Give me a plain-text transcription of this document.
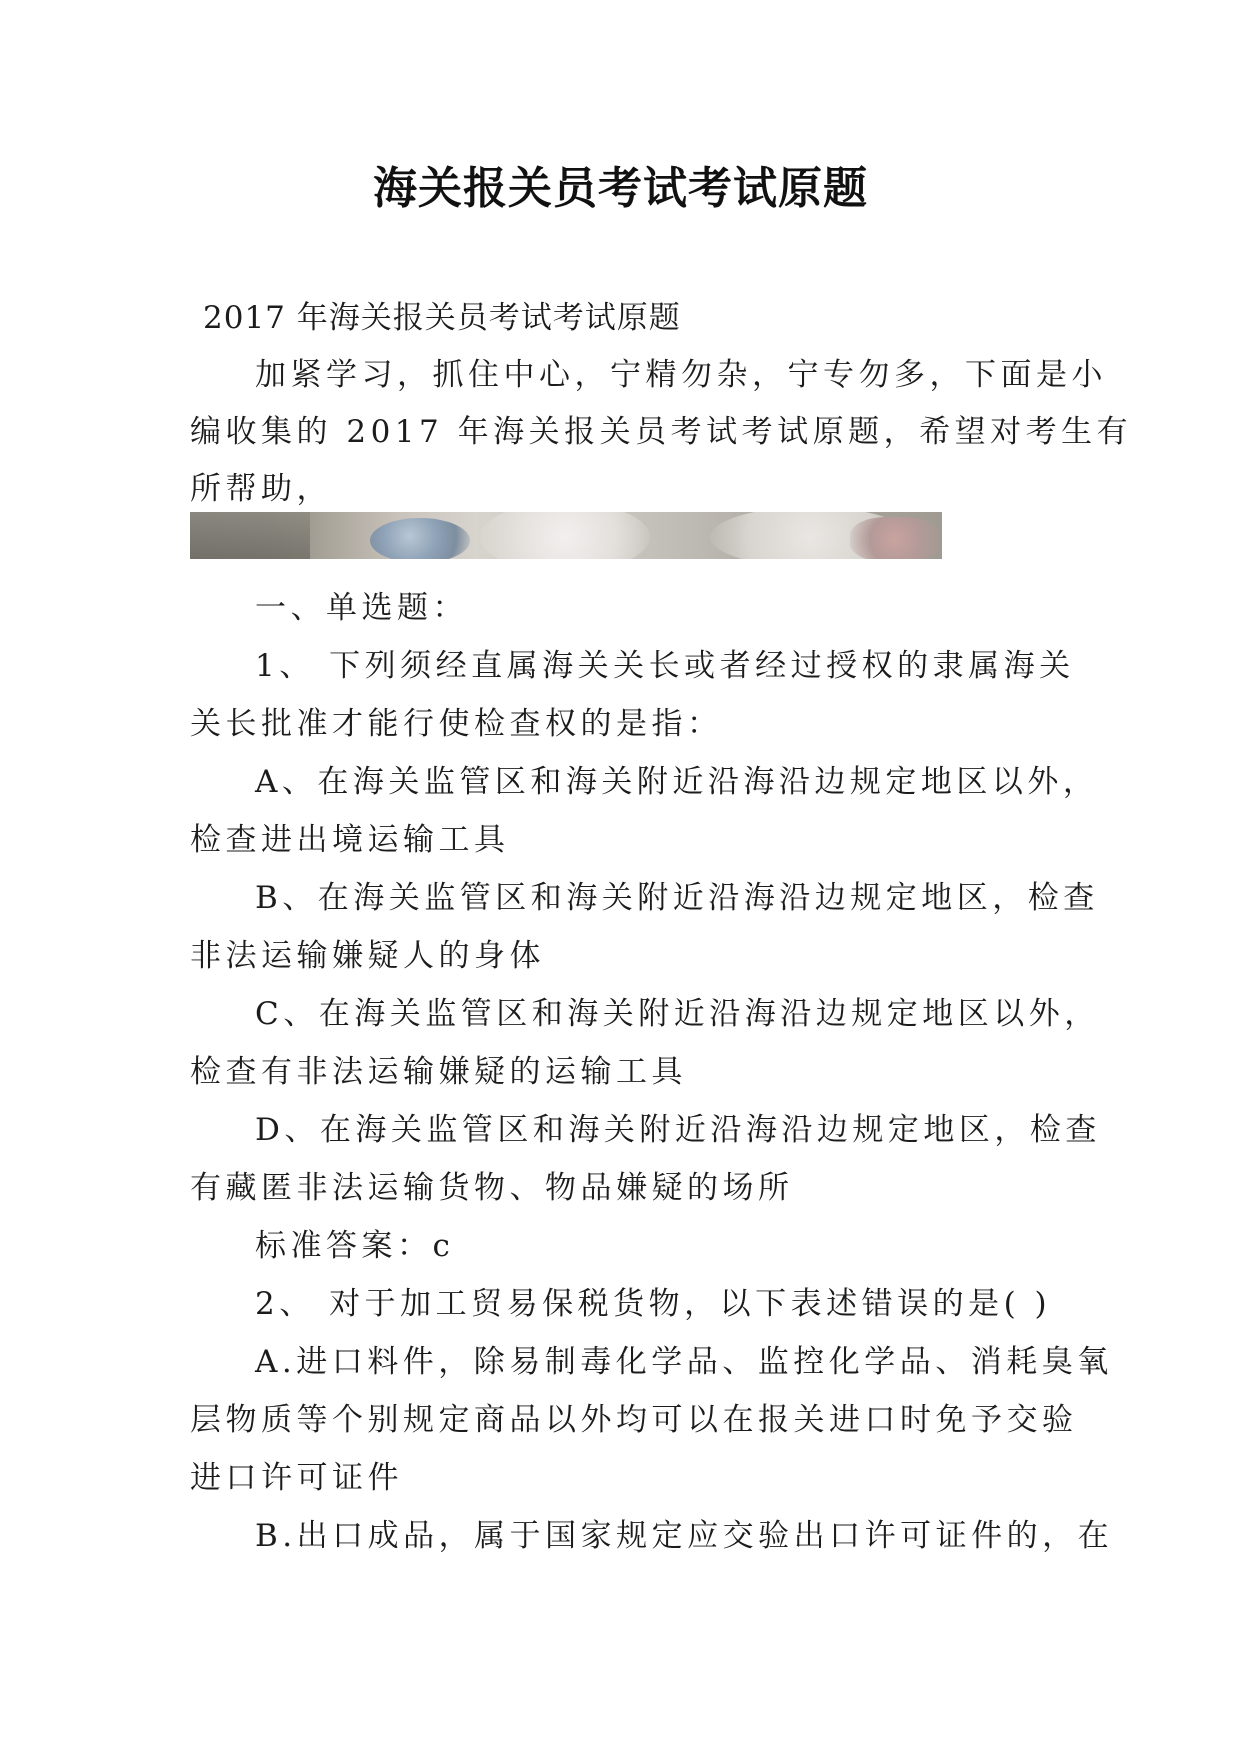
海关报关员考试考试原题
2017 年海关报关员考试考试原题
加紧学习，抓住中心，宁精勿杂，宁专勿多，下面是小
编收集的 2017 年海关报关员考试考试原题，希望对考生有
所帮助，
一、单选题：
1、 下列须经直属海关关长或者经过授权的隶属海关
关长批准才能行使检查权的是指：
A、在海关监管区和海关附近沿海沿边规定地区以外，
检查进出境运输工具
B、在海关监管区和海关附近沿海沿边规定地区，检查
非法运输嫌疑人的身体
C、在海关监管区和海关附近沿海沿边规定地区以外，
检查有非法运输嫌疑的运输工具
D、在海关监管区和海关附近沿海沿边规定地区，检查
有藏匿非法运输货物、物品嫌疑的场所
标准答案：c
2、 对于加工贸易保税货物，以下表述错误的是( )
A.进口料件，除易制毒化学品、监控化学品、消耗臭氧
层物质等个别规定商品以外均可以在报关进口时免予交验
进口许可证件
B.出口成品，属于国家规定应交验出口许可证件的，在
